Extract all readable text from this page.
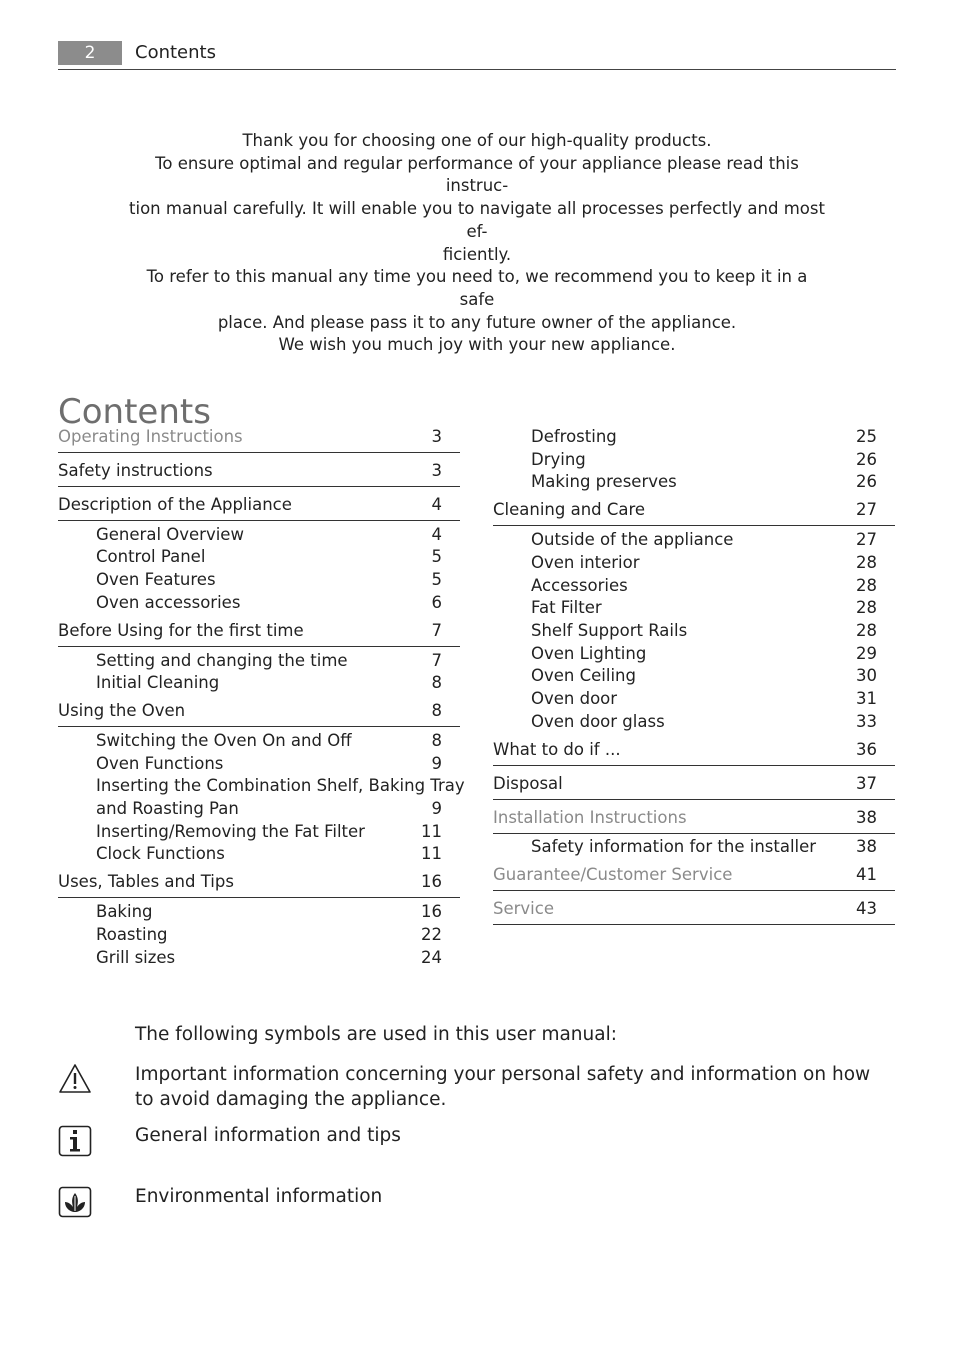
2	Contents

Thank you for choosing one of our high-quality products.

To ensure optimal and regular performance of your appliance please read this instruc-

tion manual carefully. It will enable you to navigate all processes perfectly and most ef-

ficiently.

To refer to this manual any time you need to, we recommend you to keep it in a safe

place. And please pass it to any future owner of the appliance.

We wish you much joy with your new appliance.

Contents
Operating Instructions	3
Safety instructions	3
Description of the Appliance	4
General Overview	4
Control Panel	5
Oven Features	5
Oven accessories	6
Before Using for the first time	7
Setting and changing the time	7
Initial Cleaning	8
Using the Oven	8
Switching the Oven On and Off	8
Oven Functions	9
Inserting the Combination Shelf, Baking Tray
and Roasting Pan	9
Inserting/Removing the Fat Filter	11
Clock Functions	11
Uses, Tables and Tips	16
Baking	16
Roasting	22
Grill sizes	24
Defrosting	25
Drying	26
Making preserves	26
Cleaning and Care	27
Outside of the appliance	27
Oven interior	28
Accessories	28
Fat Filter	28
Shelf Support Rails	28
Oven Lighting	29
Oven Ceiling	30
Oven door	31
Oven door glass	33
What to do if ...	36
Disposal	37
Installation Instructions	38
Safety information for the installer 38
Guarantee/Customer Service	41
Service	43
The following symbols are used in this user manual:
Important information concerning your personal safety and information on how to avoid damaging the appliance.
General information and tips
Environmental information
